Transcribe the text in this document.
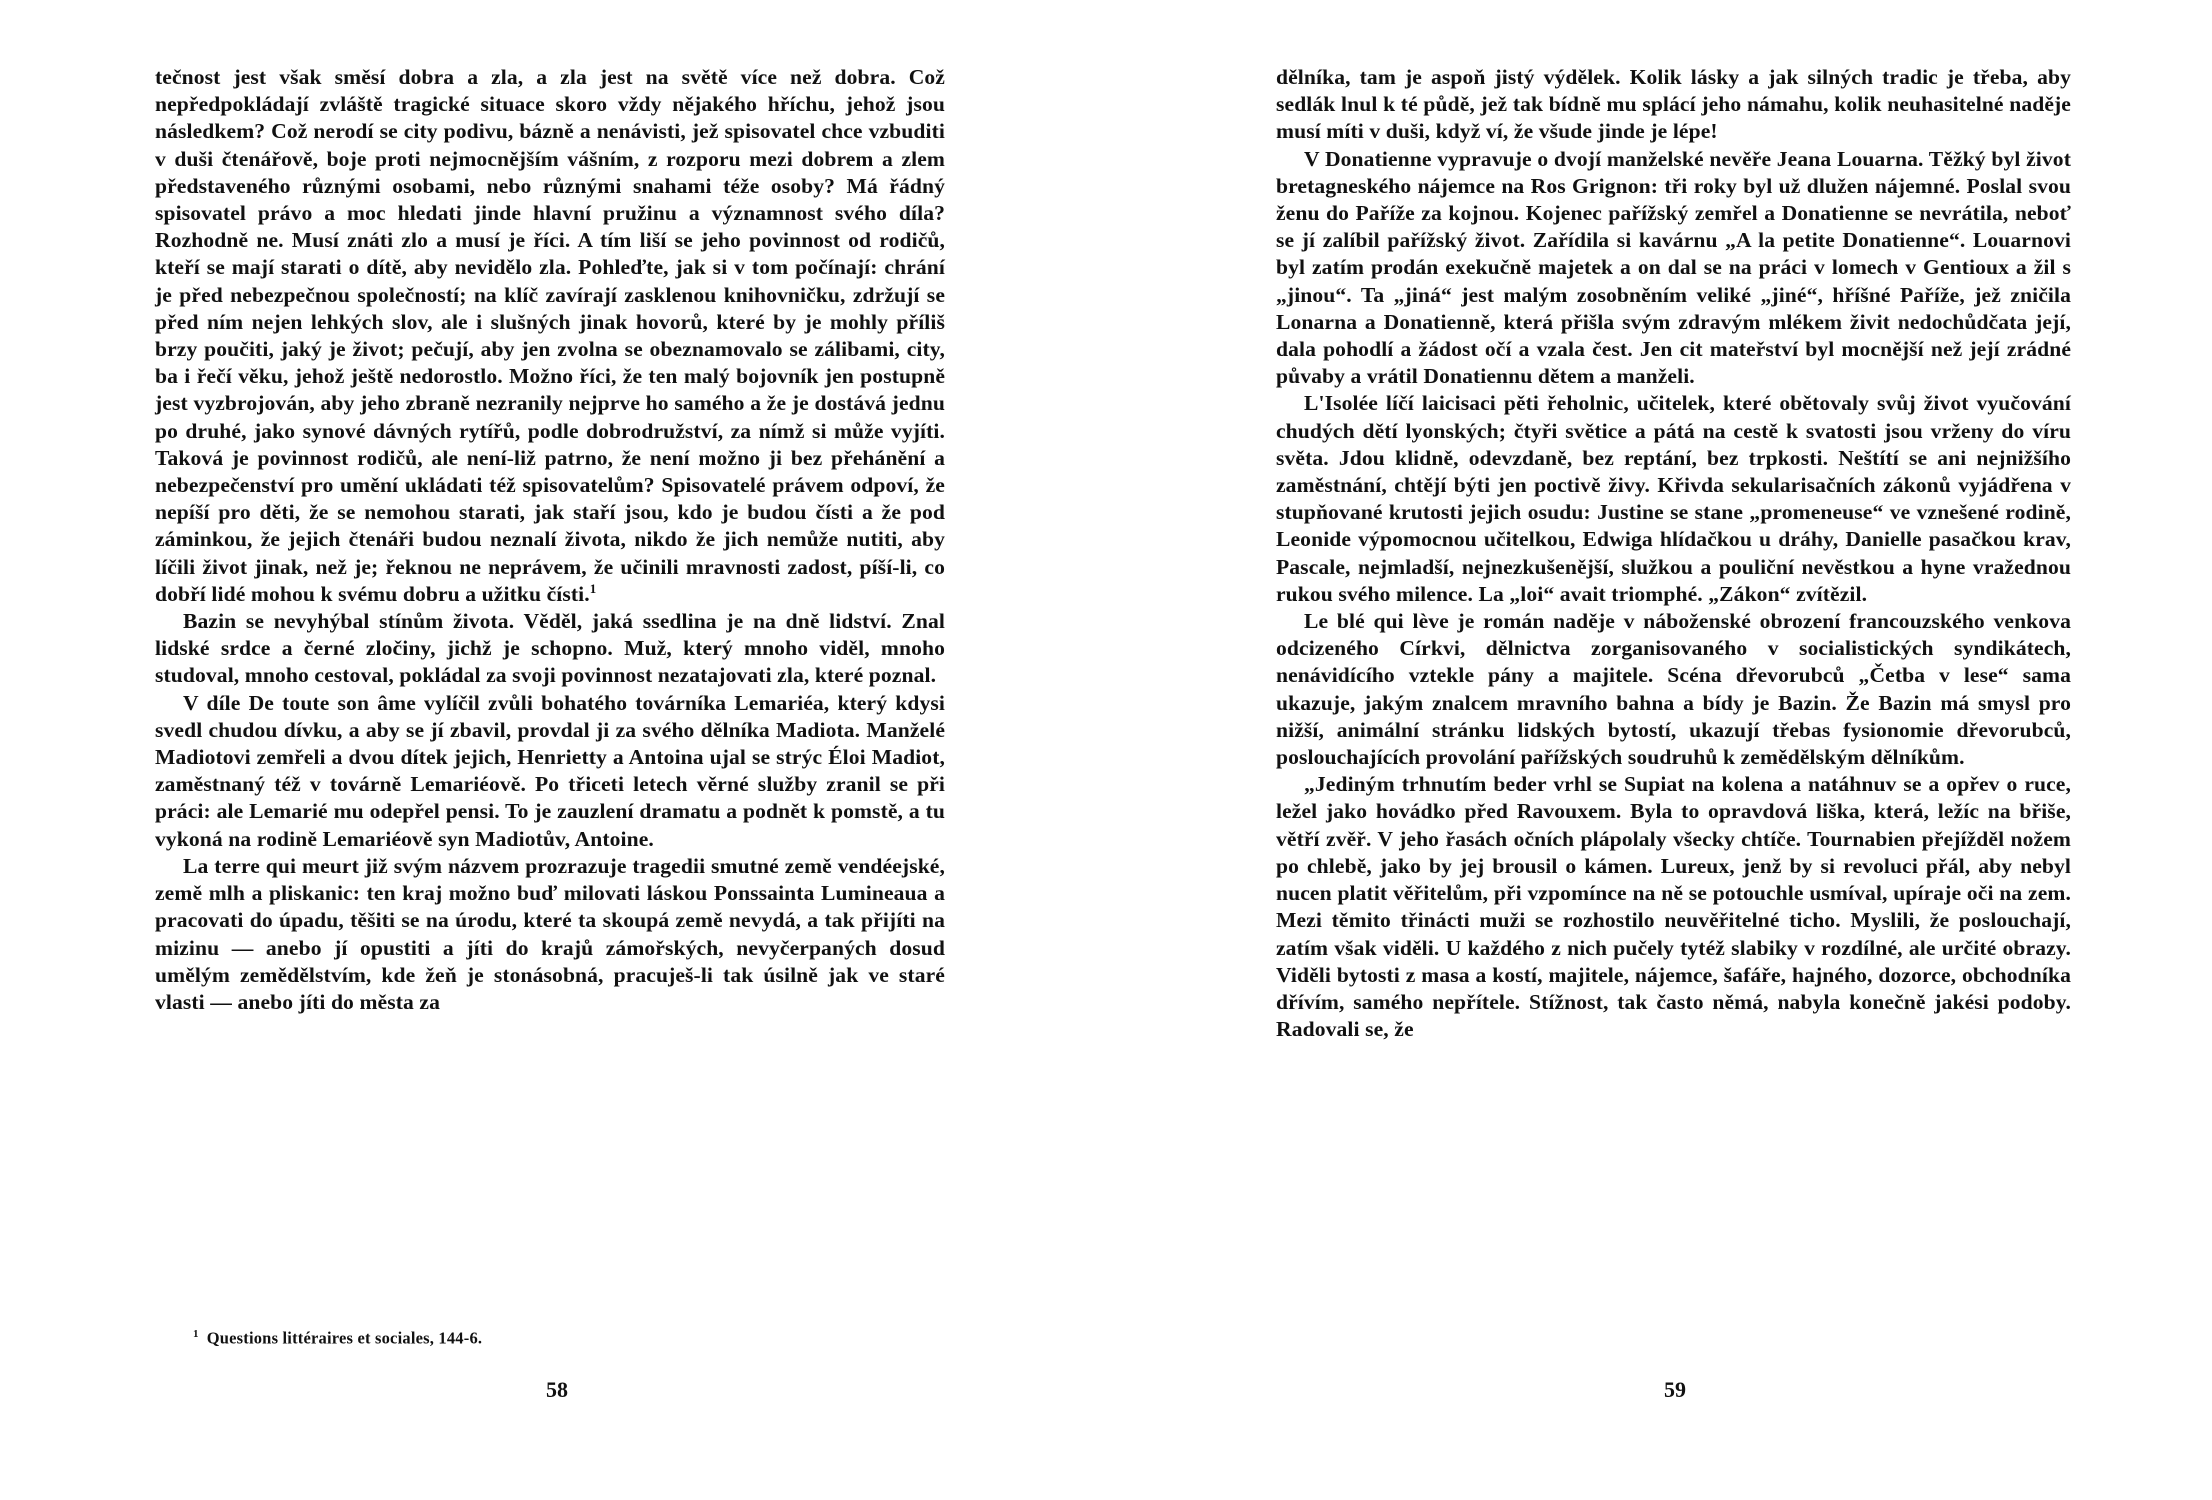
tečnost jest však směsí dobra a zla, a zla jest na světě více než dobra. Což nepředpokládají zvláště tragické situace skoro vždy nějakého hříchu, jehož jsou následkem? Což nerodí se city podivu, bázně a nenávisti, jež spisovatel chce vzbuditi v duši čtenářově, boje proti nejmocnějším vášním, z rozporu mezi dobrem a zlem představeného různými osobami, nebo různými snahami téže osoby? Má řádný spisovatel právo a moc hledati jinde hlavní pružinu a významnost svého díla? Rozhodně ne. Musí znáti zlo a musí je říci. A tím liší se jeho povinnost od rodičů, kteří se mají starati o dítě, aby nevidělo zla. Pohleďte, jak si v tom počínají: chrání je před nebezpečnou společností; na klíč zavírají zasklenou knihovničku, zdržují se před ním nejen lehkých slov, ale i slušných jinak hovorů, které by je mohly příliš brzy poučiti, jaký je život; pečují, aby jen zvolna se obeznamovalo se zálibami, city, ba i řečí věku, jehož ještě nedorostlo. Možno říci, že ten malý bojovník jen postupně jest vyzbrojován, aby jeho zbraně nezranily nejprve ho samého a že je dostává jednu po druhé, jako synové dávných rytířů, podle dobrodružství, za nímž si může vyjíti. Taková je povinnost rodičů, ale není-liž patrno, že není možno ji bez přehánění a nebezpečenství pro umění ukládati též spisovatelům? Spisovatelé právem odpoví, že nepíší pro děti, že se nemohou starati, jak staří jsou, kdo je budou čísti a že pod záminkou, že jejich čtenáři budou neznalí života, nikdo že jich nemůže nutiti, aby líčili život jinak, než je; řeknou ne neprávem, že učinili mravnosti zadost, píší-li, co dobří lidé mohou k svému dobru a užitku čísti.$^1$

Bazin se nevyhýbal stínům života. Věděl, jaká ssedlina je na dně lidství. Znal lidské srdce a černé zločiny, jichž je schopno. Muž, který mnoho viděl, mnoho studoval, mnoho cestoval, pokládal za svoji povinnost nezatajovati zla, které poznal.

V díle De toute son âme vylíčil zvůli bohatého továrníka Lemariéa, který kdysi svedl chudou dívku, a aby se jí zbavil, provdal ji za svého dělníka Madiota. Manželé Madiotovi zemřeli a dvou dítek jejich, Henrietty a Antoina ujal se strýc Éloi Madiot, zaměstnaný též v továrně Lemariéově. Po třiceti letech věrné služby zranil se při práci: ale Lemarié mu odepřel pensi. To je zauzlení dramatu a podnět k pomstě, a tu vykoná na rodině Lemariéově syn Madiotův, Antoine.

La terre qui meurt již svým názvem prozrazuje tragedii smutné země vendéejské, země mlh a pliskanic: ten kraj možno buď milovati láskou Ponssainta Lumineaua a pracovati do úpadu, těšiti se na úrodu, které ta skoupá země nevydá, a tak přijíti na mizinu — anebo jí opustiti a jíti do krajů zámořských, nevyčerpaných dosud umělým zemědělstvím, kde žeň je stonásobná, pracuješ-li tak úsilně jak ve staré vlasti — anebo jíti do města za

$^1$ Questions littéraires et sociales, 144-6.
58

dělníka, tam je aspoň jistý výdělek. Kolik lásky a jak silných tradic je třeba, aby sedlák lnul k té půdě, jež tak bídně mu splácí jeho námahu, kolik neuhasitelné naděje musí míti v duši, když ví, že všude jinde je lépe!

V Donatienne vypravuje o dvojí manželské nevěře Jeana Louarna. Těžký byl život bretagneského nájemce na Ros Grignon: tři roky byl už dlužen nájemné. Poslal svou ženu do Paříže za kojnou. Kojenec pařížský zemřel a Donatienne se nevrátila, neboť se jí zalíbil pařížský život. Zařídila si kavárnu „A la petite Donatienne“. Louarnovi byl zatím prodán exekučně majetek a on dal se na práci v lomech v Gentioux a žil s „jinou“. Ta „jiná“ jest malým zosobněním veliké „jiné“, hříšné Paříže, jež zničila Lonarna a Donatienně, která přišla svým zdravým mlékem živit nedochůdčata její, dala pohodlí a žádost očí a vzala čest. Jen cit mateřství byl mocnější než její zrádné půvaby a vrátil Donatiennu dětem a manželi.

L'Isolée líčí laicisaci pěti řeholnic, učitelek, které obětovaly svůj život vyučování chudých dětí lyonských; čtyři světice a pátá na cestě k svatosti jsou vrženy do víru světa. Jdou klidně, odevzdaně, bez reptání, bez trpkosti. Neštítí se ani nejnižšího zaměstnání, chtějí býti jen poctivě živy. Křivda sekularisačních zákonů vyjádřena v stupňované krutosti jejich osudu: Justine se stane „promeneuse“ ve vznešené rodině, Leonide výpomocnou učitelkou, Edwiga hlídačkou u dráhy, Danielle pasačkou krav, Pascale, nejmladší, nejnezkušenější, služkou a pouliční nevěstkou a hyne vražednou rukou svého milence. La „loi“ avait triomphé. „Zákon“ zvítězil.

Le blé qui lève je román naděje v náboženské obrození francouzského venkova odcizeného Církvi, dělnictva zorganisovaného v socialistických syndikátech, nenávidícího vztekle pány a majitele. Scéna dřevorubců „Četba v lese“ sama ukazuje, jakým znalcem mravního bahna a bídy je Bazin. Že Bazin má smysl pro nižší, animální stránku lidských bytostí, ukazují třebas fysionomie dřevorubců, poslouchajících provolání pařížských soudruhů k zemědělským dělníkům.

„Jediným trhnutím beder vrhl se Supiat na kolena a natáhnuv se a opřev o ruce, ležel jako hovádko před Ravouxem. Byla to opravdová liška, která, ležíc na břiše, větří zvěř. V jeho řasách očních plápolaly všecky chtíče. Tournabien přejížděl nožem po chlebě, jako by jej brousil o kámen. Lureux, jenž by si revoluci přál, aby nebyl nucen platit věřitelům, při vzpomínce na ně se potouchle usmíval, upíraje oči na zem. Mezi těmito třinácti muži se rozhostilo neuvěřitelné ticho. Myslili, že poslouchají, zatím však viděli. U každého z nich pučely tytéž slabiky v rozdílné, ale určité obrazy. Viděli bytosti z masa a kostí, majitele, nájemce, šafáře, hajného, dozorce, obchodníka dřívím, samého nepřítele. Stížnost, tak často němá, nabyla konečně jakési podoby. Radovali se, že

59
